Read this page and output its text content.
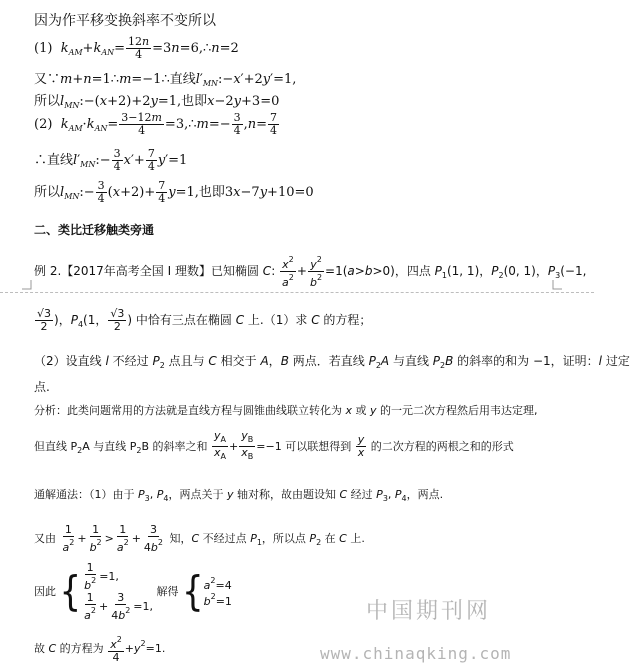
因为作平移变换斜率不变所以
(1)  $k_{AM}+k_{AN}= \frac{12n}{4}$ =3n=6,∴n=2
又∵m+n=1∴m=−1∴直线$l'_{MN}:-x'+2y'=1$,
所以$l_{MN}:-(x+2)+2y=1$,也即x−2y+3=0
(2)  $k_{AM}\cdot k_{AN}= \frac{3-12m}{4}$ =3,∴m=− $\frac{3}{4} ,n= \frac{7}{4}$
∴直线$l'_{MN}:- \frac{3}{4} x'+ \frac{7}{4} y'=1$
所以$l_{MN}:- \frac{3}{4} (x+2)+ \frac{7}{4} y=1$,也即3x−7y+10=0
二、类比迁移触类旁通
例 2.【2017年高考全国 I 理数】已知椭圆 C: $\frac{x^2}{a^2} + \frac{y^2}{b^2} =1(a>b>0)$，四点 $P_1(1$, 1)，$P_2(0$, 1)，$P_3(-1$,
$\frac{√3}{2}$ )，$P_4(1$， $\frac{√3}{2}$ ) 中恰有三点在椭圆 C 上.（1）求 C 的方程；
（2）设直线 l 不经过 $P_2$ 点且与 C 相交于 A，B 两点．若直线 $P_2A$ 与直线 $P_2B$ 的斜率的和为 −1，证明：l 过定
点.
分析：此类问题常用的方法就是直线方程与圆锥曲线联立转化为 x 或 y 的一元二次方程然后用韦达定理,
但直线 $P_2A$ 与直线 $P_2B$ 的斜率之和 $\frac{y_A}{x_A} + \frac{y_B}{x_B} =-1$ 可以联想得到 $\frac{y}{x}$ 的二次方程的两根之和的形式
通解通法：（1）由于 $P_3$, $P_4$，两点关于 y 轴对称，故由题设知 C 经过 $P_3$, $P_4$，两点.
又由 $\frac{1}{a^2} + \frac{1}{b^2} > \frac{1}{a^2} + \frac{3}{4b^2}$ 知，C 不经过点 $P_1$，所以点 $P_2$ 在 C 上.
因此 { $\frac{1}{b^2} =1$,
$\frac{1}{a^2} + \frac{3}{4b^2} =1$,
解得 { $a^2=4$
$b^2=1$
故 C 的方程为 $\frac{x^2}{4} +y^2=1$.
中国期刊网
www.chinaqking.com
